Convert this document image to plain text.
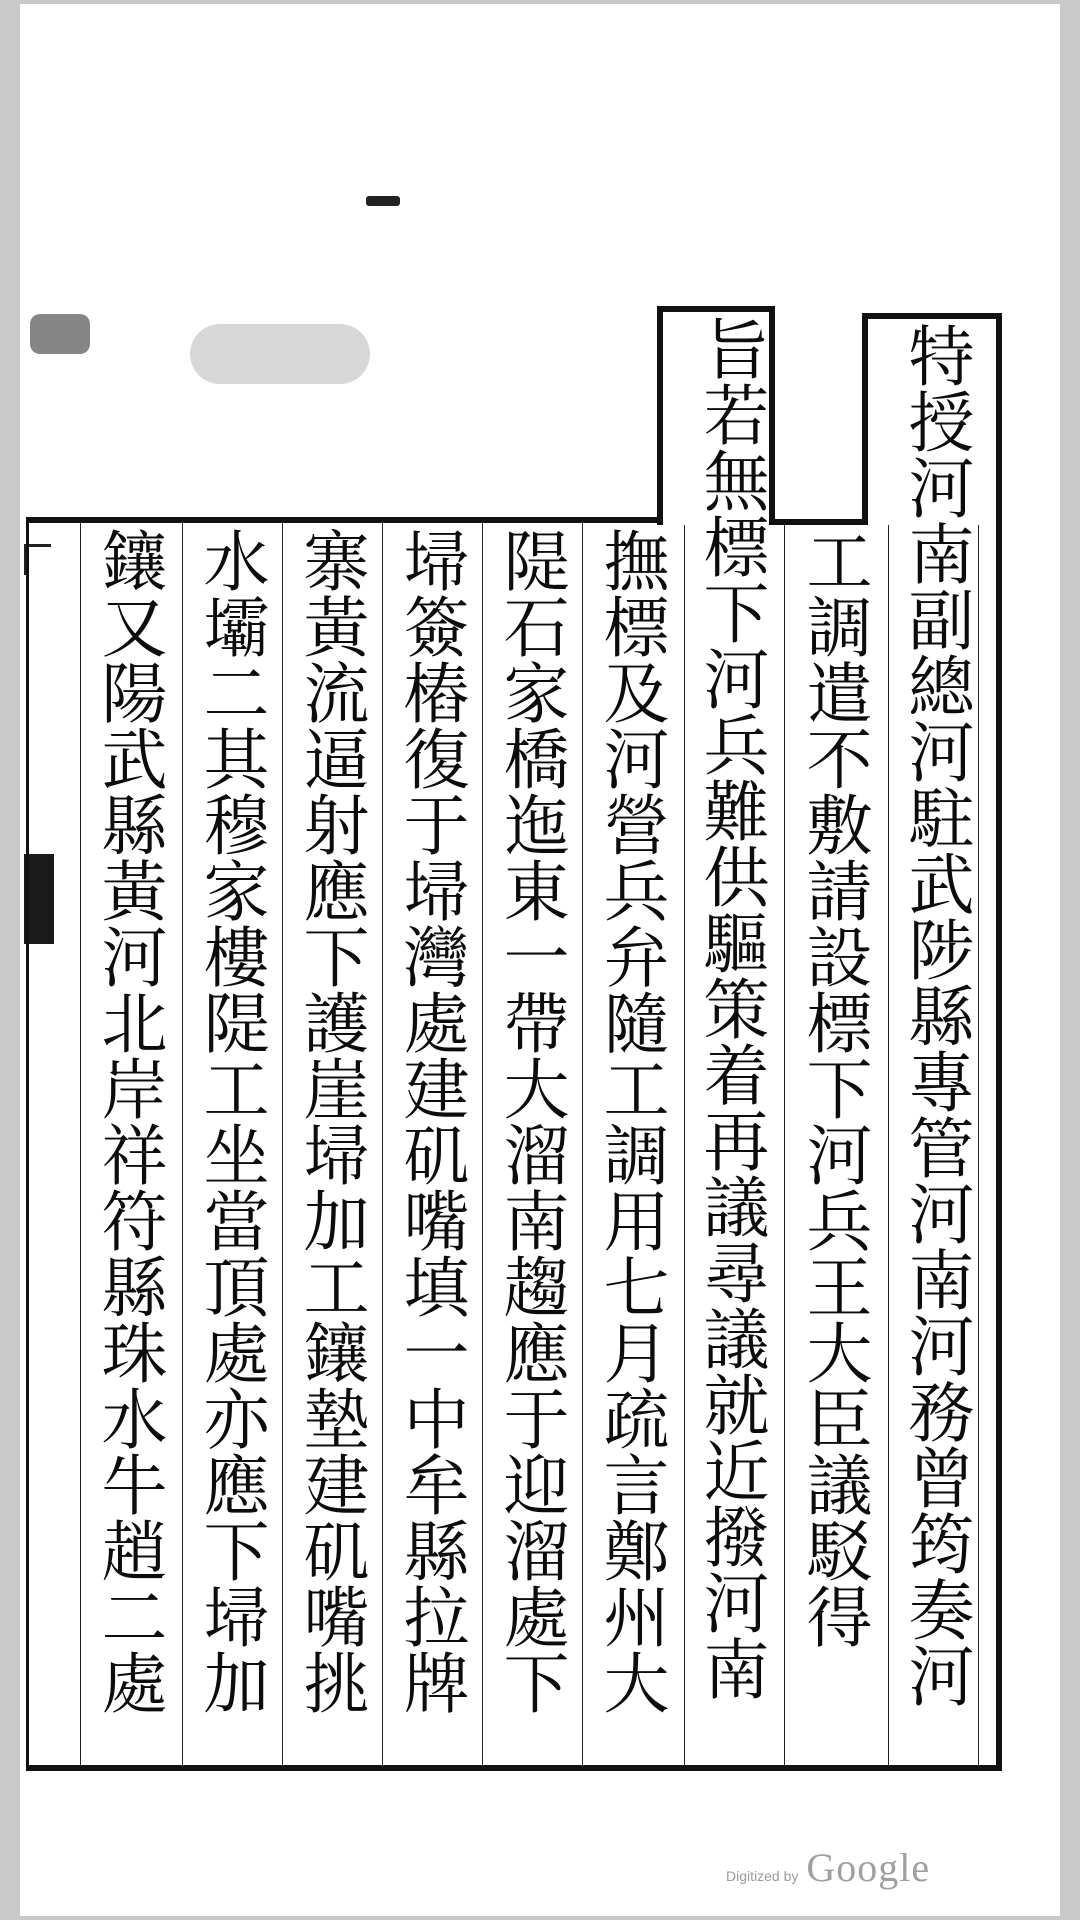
特授河南副總河駐武陟縣專管河南河務曾筠奏河
工調遣不敷請設標下河兵王大臣議駁得
旨若無標下河兵難供驅策着再議尋議就近撥河南
撫標及河營兵弁隨工調用七月疏言鄭州大
隄石家橋迤東一帶大溜南趨應于迎溜處下
埽簽樁復于埽灣處建矶嘴填一中牟縣拉牌
寨黃流逼射應下護崖埽加工鑲墊建矶嘴挑
水壩二其穆家樓隄工坐當頂處亦應下埽加
鑲又陽武縣黃河北岸祥符縣珠水牛趙二處
Digitized by Google
